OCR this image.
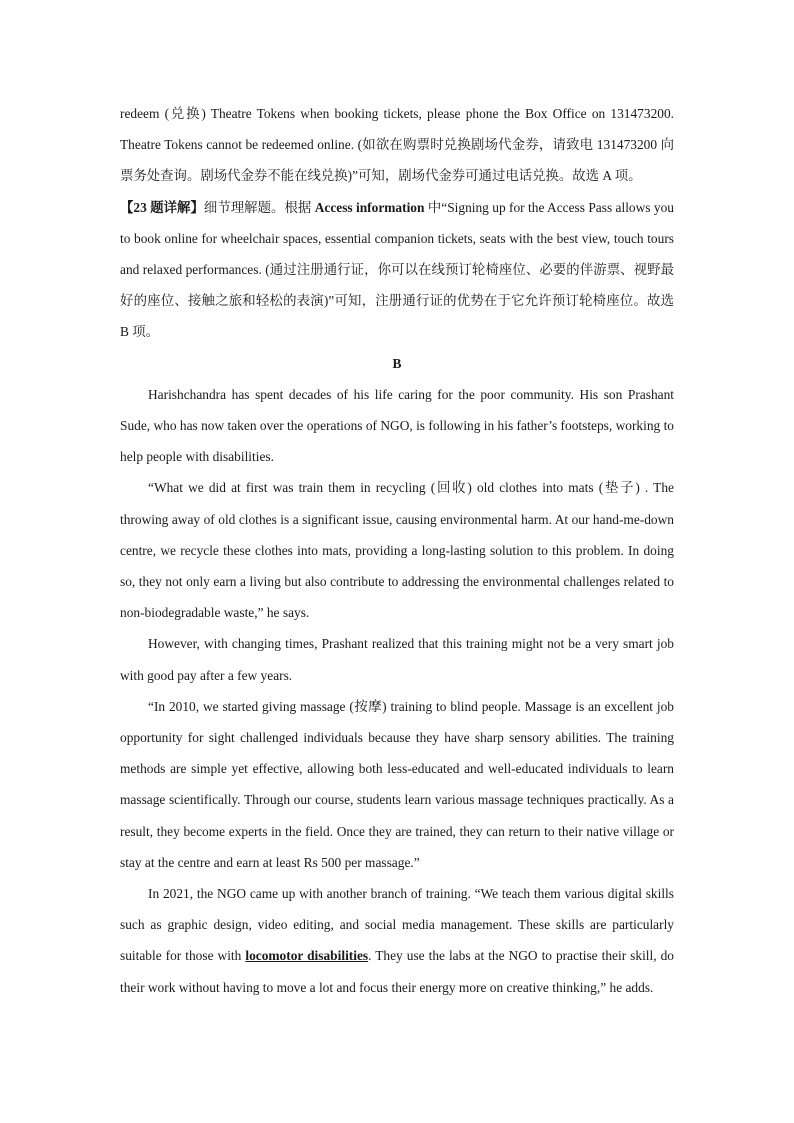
redeem (兑换) Theatre Tokens when booking tickets, please phone the Box Office on 131473200. Theatre Tokens cannot be redeemed online. (如欲在购票时兑换剧场代金券，请致电 131473200 向票务处查询。剧场代金券不能在线兑换)”可知，剧场代金券可通过电话兑换。故选 A 项。

【23 题详解】细节理解题。根据 Access information 中“Signing up for the Access Pass allows you to book online for wheelchair spaces, essential companion tickets, seats with the best view, touch tours and relaxed performances. (通过注册通行证，你可以在线预订轮椅座位、必要的伴游票、视野最好的座位、接触之旅和轻松的表演)”可知，注册通行证的优势在于它允许预订轮椅座位。故选 B 项。

B

Harishchandra has spent decades of his life caring for the poor community. His son Prashant Sude, who has now taken over the operations of NGO, is following in his father’s footsteps, working to help people with disabilities.

“What we did at first was train them in recycling (回收) old clothes into mats (垫子) . The throwing away of old clothes is a significant issue, causing environmental harm. At our hand-me-down centre, we recycle these clothes into mats, providing a long-lasting solution to this problem. In doing so, they not only earn a living but also contribute to addressing the environmental challenges related to non-biodegradable waste,” he says.

However, with changing times, Prashant realized that this training might not be a very smart job with good pay after a few years.

“In 2010, we started giving massage (按摩) training to blind people. Massage is an excellent job opportunity for sight challenged individuals because they have sharp sensory abilities. The training methods are simple yet effective, allowing both less-educated and well-educated individuals to learn massage scientifically. Through our course, students learn various massage techniques practically. As a result, they become experts in the field. Once they are trained, they can return to their native village or stay at the centre and earn at least Rs 500 per massage.”

In 2021, the NGO came up with another branch of training. “We teach them various digital skills such as graphic design, video editing, and social media management. These skills are particularly suitable for those with locomotor disabilities. They use the labs at the NGO to practise their skill, do their work without having to move a lot and focus their energy more on creative thinking,” he adds.
